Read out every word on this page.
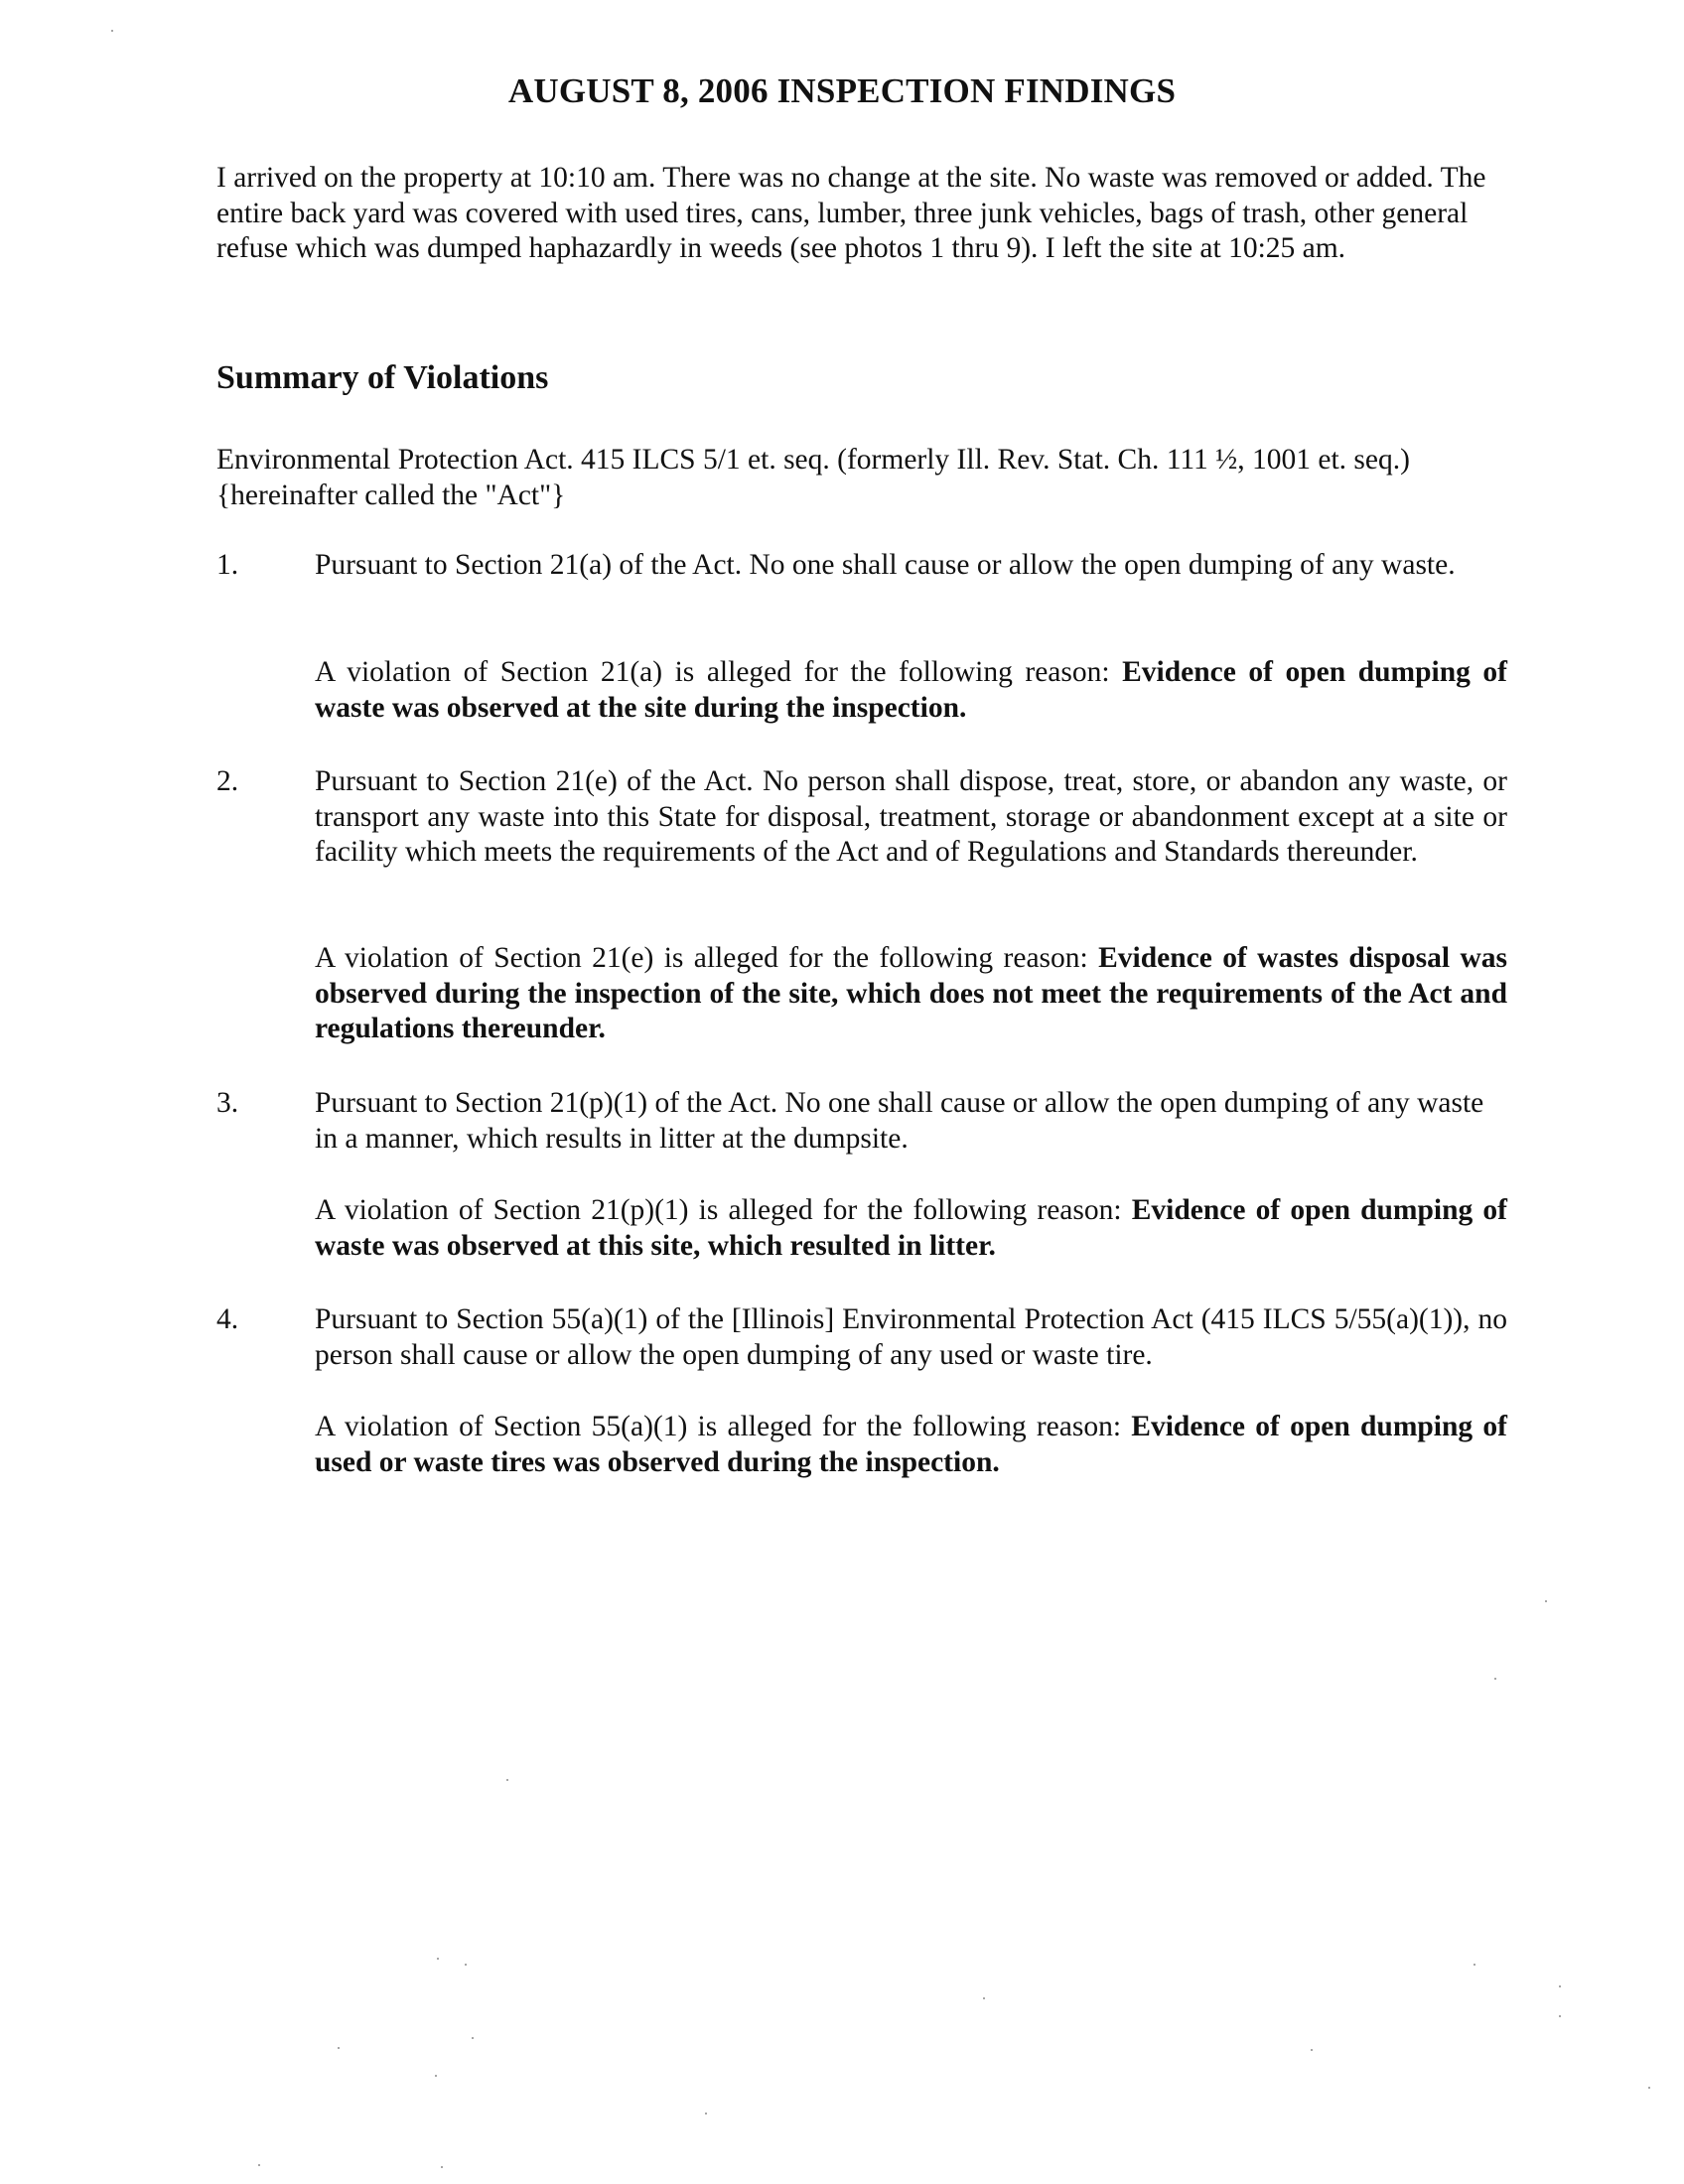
AUGUST 8, 2006 INSPECTION FINDINGS

I arrived on the property at 10:10 am. There was no change at the site. No waste was removed or added. The entire back yard was covered with used tires, cans, lumber, three junk vehicles, bags of trash, other general refuse which was dumped haphazardly in weeds (see photos 1 thru 9). I left the site at 10:25 am.

Summary of Violations

Environmental Protection Act. 415 ILCS 5/1 et. seq. (formerly Ill. Rev. Stat. Ch. 111 ½, 1001 et. seq.) {hereinafter called the "Act"}

1.	Pursuant to Section 21(a) of the Act. No one shall cause or allow the open dumping of any waste.

A violation of Section 21(a) is alleged for the following reason: Evidence of open dumping of waste was observed at the site during the inspection.

2.	Pursuant to Section 21(e) of the Act. No person shall dispose, treat, store, or abandon any waste, or transport any waste into this State for disposal, treatment, storage or abandonment except at a site or facility which meets the requirements of the Act and of Regulations and Standards thereunder.

A violation of Section 21(e) is alleged for the following reason: Evidence of wastes disposal was observed during the inspection of the site, which does not meet the requirements of the Act and regulations thereunder.

3.	Pursuant to Section 21(p)(1) of the Act. No one shall cause or allow the open dumping of any waste in a manner, which results in litter at the dumpsite.

A violation of Section 21(p)(1) is alleged for the following reason: Evidence of open dumping of waste was observed at this site, which resulted in litter.

4.	Pursuant to Section 55(a)(1) of the [Illinois] Environmental Protection Act (415 ILCS 5/55(a)(1)), no person shall cause or allow the open dumping of any used or waste tire.

A violation of Section 55(a)(1) is alleged for the following reason: Evidence of open dumping of used or waste tires was observed during the inspection.
